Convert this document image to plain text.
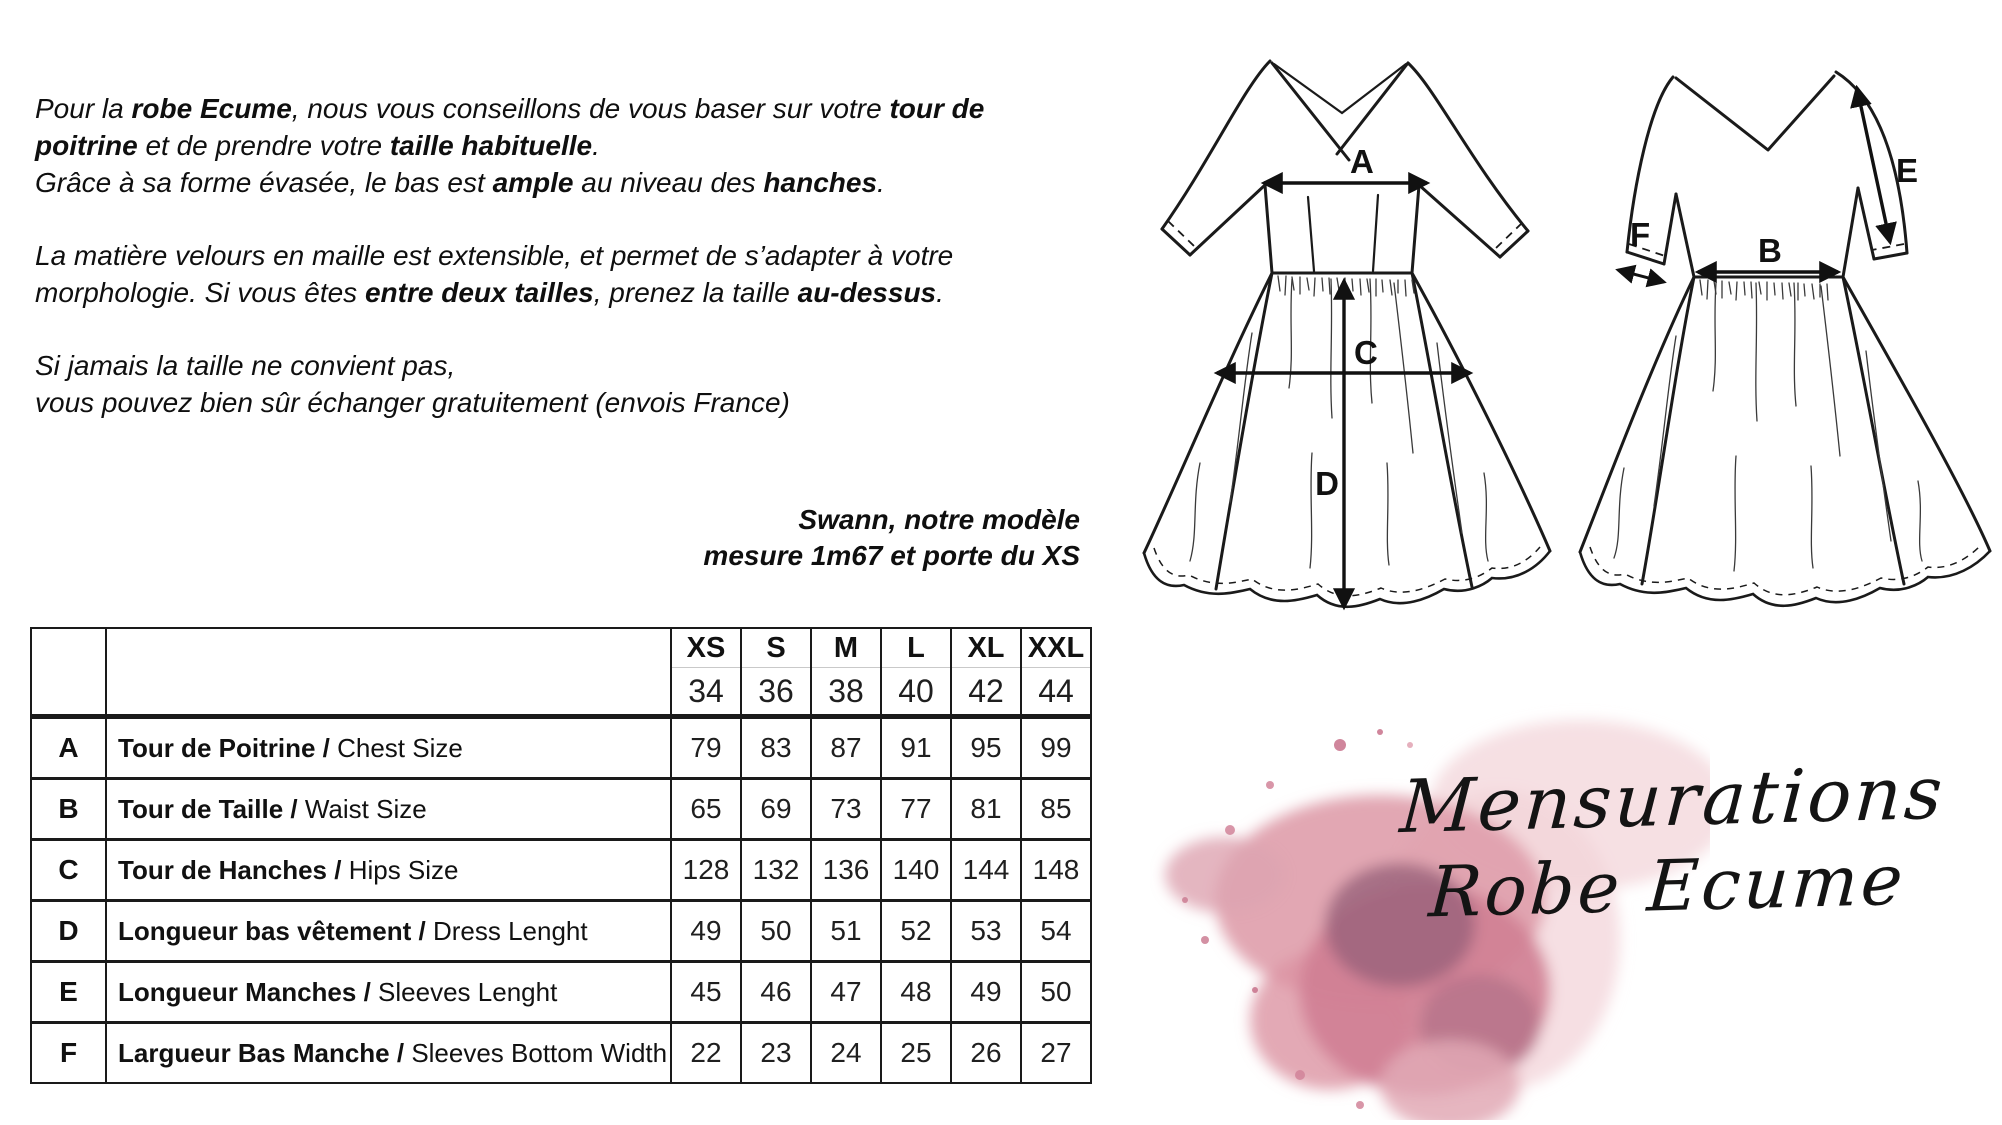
Pour la robe Ecume, nous vous conseillons de vous baser sur votre tour de
poitrine et de prendre votre taille habituelle.
Grâce à sa forme évasée, le bas est ample au niveau des hanches.

La matière velours en maille est extensible, et permet de s’adapter à votre
morphologie. Si vous êtes entre deux tailles, prenez la taille au-dessus.

Si jamais la taille ne convient pas,
vous pouvez bien sûr échanger gratuitement (envois France)

Swann, notre modèle
mesure 1m67 et porte du XS
		XS	S	M	L	XL	XXL
		34	36	38	40	42	44
A	Tour de Poitrine / Chest Size	79	83	87	91	95	99
B	Tour de Taille / Waist Size	65	69	73	77	81	85
C	Tour de Hanches / Hips Size	128	132	136	140	144	148
D	Longueur bas vêtement / Dress Lenght	49	50	51	52	53	54
E	Longueur Manches / Sleeves Lenght	45	46	47	48	49	50
F	Largueur Bas Manche / Sleeves Bottom Width	22	23	24	25	26	27
A
C
D
B
E
F
Mensurations
Robe Ecume
